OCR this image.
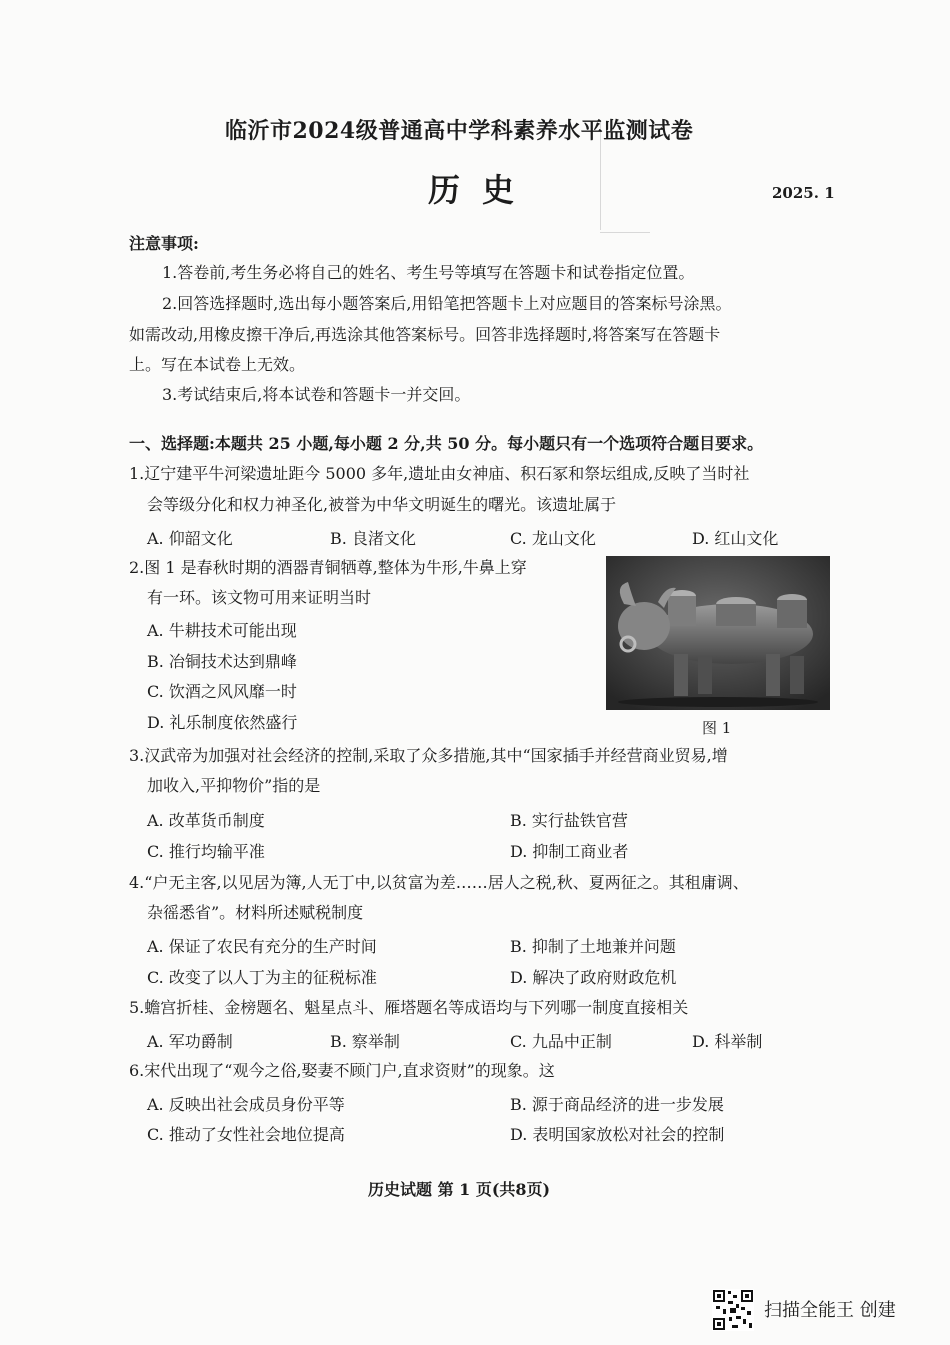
临沂市2024级普通高中学科素养水平监测试卷
历史	2025. 1
注意事项:
1.答卷前,考生务必将自己的姓名、考生号等填写在答题卡和试卷指定位置。
2.回答选择题时,选出每小题答案后,用铅笔把答题卡上对应题目的答案标号涂黑。
如需改动,用橡皮擦干净后,再选涂其他答案标号。回答非选择题时,将答案写在答题卡
上。写在本试卷上无效。
3.考试结束后,将本试卷和答题卡一并交回。
一、选择题:本题共 25 小题,每小题 2 分,共 50 分。每小题只有一个选项符合题目要求。
1.辽宁建平牛河梁遗址距今 5000 多年,遗址由女神庙、积石冢和祭坛组成,反映了当时社
会等级分化和权力神圣化,被誉为中华文明诞生的曙光。该遗址属于
A. 仰韶文化	B. 良渚文化	C. 龙山文化	D. 红山文化
2.图 1 是春秋时期的酒器青铜牺尊,整体为牛形,牛鼻上穿
有一环。该文物可用来证明当时
A. 牛耕技术可能出现
B. 冶铜技术达到鼎峰
C. 饮酒之风风靡一时
D. 礼乐制度依然盛行	图 1
3.汉武帝为加强对社会经济的控制,采取了众多措施,其中“国家插手并经营商业贸易,增
加收入,平抑物价”指的是
A. 改革货币制度	B. 实行盐铁官营
C. 推行均输平准	D. 抑制工商业者
4.“户无主客,以见居为簿,人无丁中,以贫富为差……居人之税,秋、夏两征之。其租庸调、
杂徭悉省”。材料所述赋税制度
A. 保证了农民有充分的生产时间	B. 抑制了土地兼并问题
C. 改变了以人丁为主的征税标准	D. 解决了政府财政危机
5.蟾宫折桂、金榜题名、魁星点斗、雁塔题名等成语均与下列哪一制度直接相关
A. 军功爵制	B. 察举制	C. 九品中正制	D. 科举制
6.宋代出现了“观今之俗,娶妻不顾门户,直求资财”的现象。这
A. 反映出社会成员身份平等	B. 源于商品经济的进一步发展
C. 推动了女性社会地位提高	D. 表明国家放松对社会的控制
历史试题 第 1 页(共8页)
扫描全能王 创建
